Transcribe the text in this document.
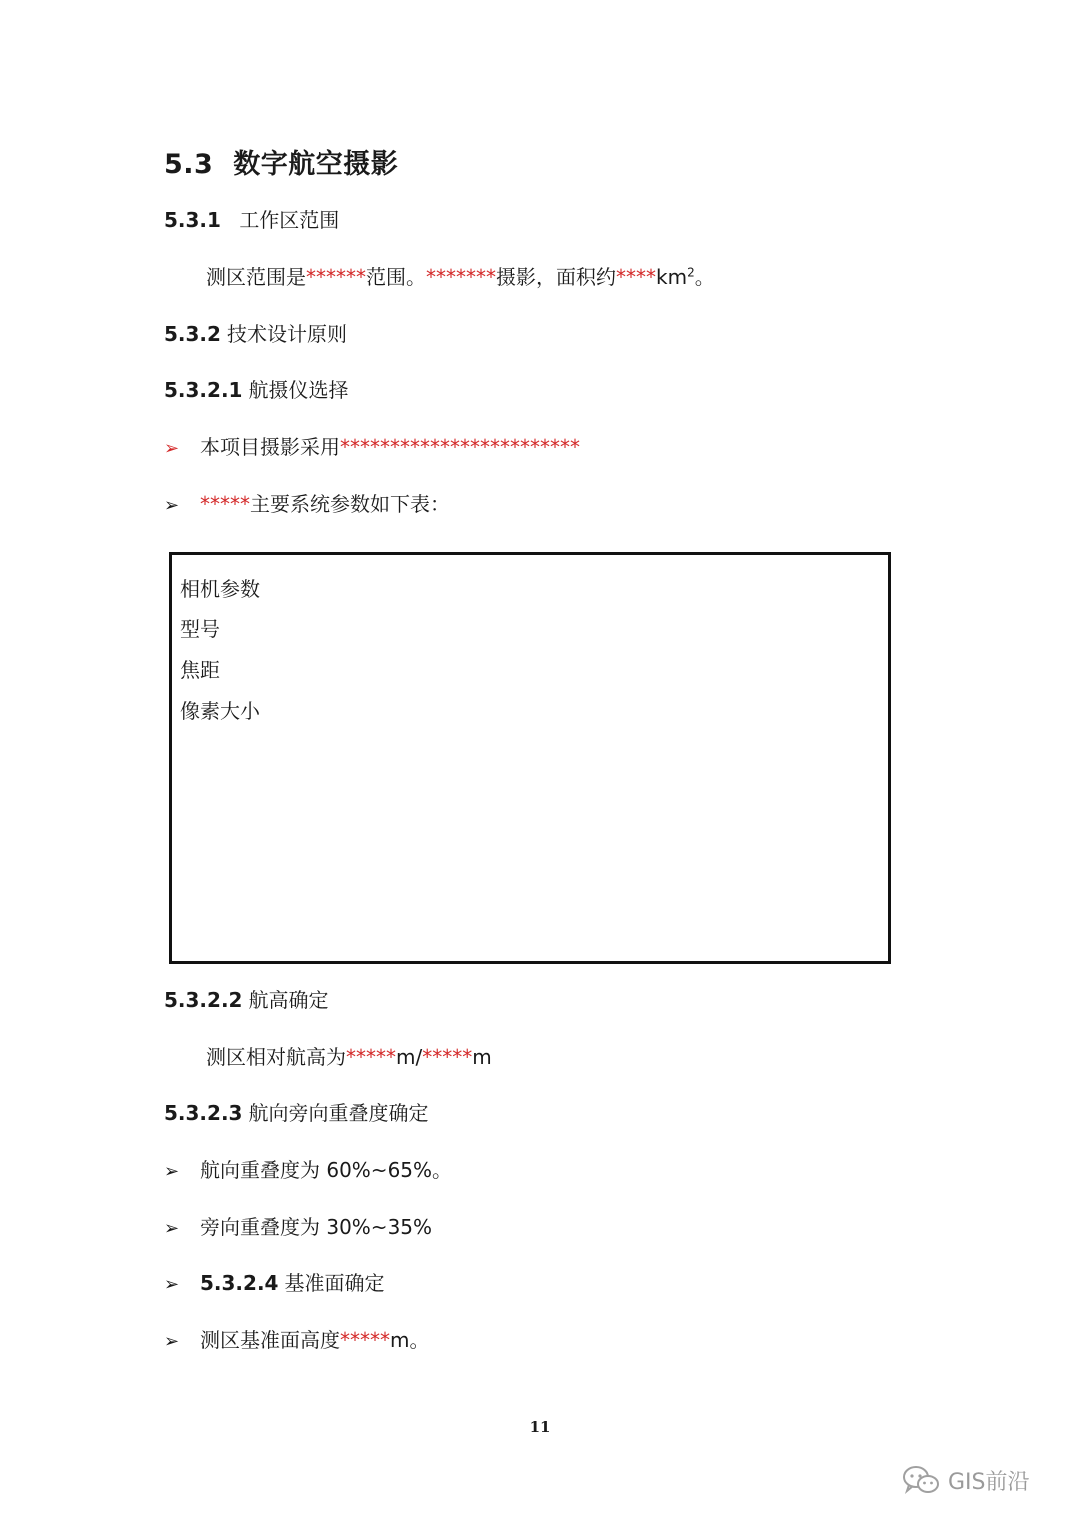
5.3 数字航空摄影
5.3.1 工作区范围
测区范围是******范围。*******摄影，面积约$****km^2$。
5.3.2 技术设计原则
5.3.2.1 航摄仪选择
➢ 本项目摄影采用************************
➢ *****主要系统参数如下表：
相机参数
型号
焦距
像素大小
5.3.2.2 航高确定
测区相对航高为*****m/*****m
5.3.2.3 航向旁向重叠度确定
➢ 航向重叠度为 60%~65%。
➢ 旁向重叠度为 30%~35%
➢ 5.3.2.4 基准面确定
➢ 测区基准面高度*****m。
11
GIS前沿
